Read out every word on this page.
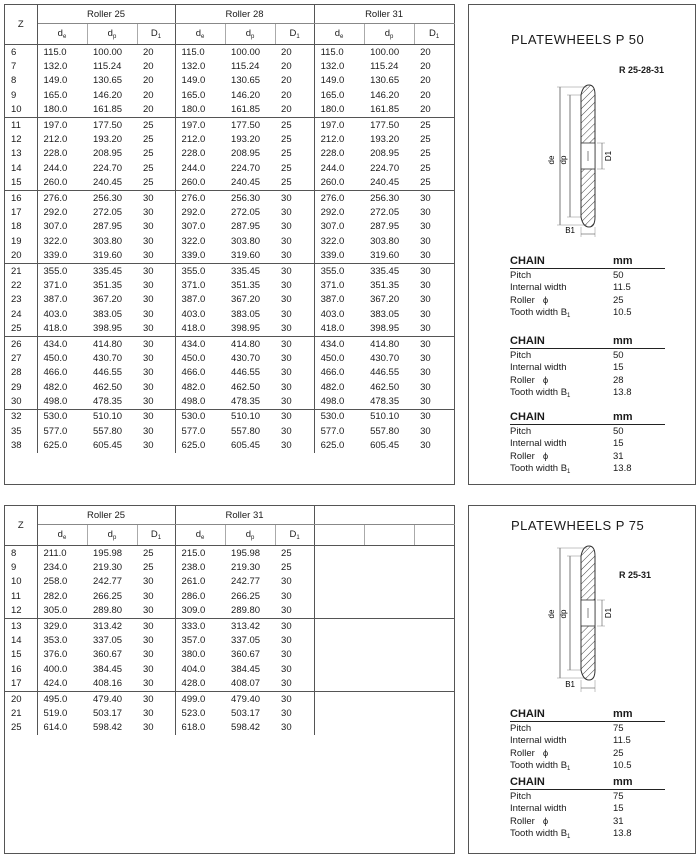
Z	Roller 25			Roller 28			Roller 31		
	$d_e$	$d_p$	$D_1$	$d_e$	$d_p$	$D_1$	$d_e$	$d_p$	$D_1$
6	115.0	100.00	20	115.0	100.00	20	115.0	100.00	20
7	132.0	115.24	20	132.0	115.24	20	132.0	115.24	20
8	149.0	130.65	20	149.0	130.65	20	149.0	130.65	20
9	165.0	146.20	20	165.0	146.20	20	165.0	146.20	20
10	180.0	161.85	20	180.0	161.85	20	180.0	161.85	20
11	197.0	177.50	25	197.0	177.50	25	197.0	177.50	25
12	212.0	193.20	25	212.0	193.20	25	212.0	193.20	25
13	228.0	208.95	25	228.0	208.95	25	228.0	208.95	25
14	244.0	224.70	25	244.0	224.70	25	244.0	224.70	25
15	260.0	240.45	25	260.0	240.45	25	260.0	240.45	25
16	276.0	256.30	30	276.0	256.30	30	276.0	256.30	30
17	292.0	272.05	30	292.0	272.05	30	292.0	272.05	30
18	307.0	287.95	30	307.0	287.95	30	307.0	287.95	30
19	322.0	303.80	30	322.0	303.80	30	322.0	303.80	30
20	339.0	319.60	30	339.0	319.60	30	339.0	319.60	30
21	355.0	335.45	30	355.0	335.45	30	355.0	335.45	30
22	371.0	351.35	30	371.0	351.35	30	371.0	351.35	30
23	387.0	367.20	30	387.0	367.20	30	387.0	367.20	30
24	403.0	383.05	30	403.0	383.05	30	403.0	383.05	30
25	418.0	398.95	30	418.0	398.95	30	418.0	398.95	30
26	434.0	414.80	30	434.0	414.80	30	434.0	414.80	30
27	450.0	430.70	30	450.0	430.70	30	450.0	430.70	30
28	466.0	446.55	30	466.0	446.55	30	466.0	446.55	30
29	482.0	462.50	30	482.0	462.50	30	482.0	462.50	30
30	498.0	478.35	30	498.0	478.35	30	498.0	478.35	30
32	530.0	510.10	30	530.0	510.10	30	530.0	510.10	30
35	577.0	557.80	30	577.0	557.80	30	577.0	557.80	30
38	625.0	605.45	30	625.0	605.45	30	625.0	605.45	30
PLATEWHEELS P 50
R 25-28-31
de dp	D1
B1
CHAIN	mm
Pitch	50
Internal width	11.5
Roller ϕ	25
Tooth width $B_1$	10.5
CHAIN	mm
Pitch	50
Internal width	15
Roller ϕ	28
Tooth width $B_1$	13.8
CHAIN	mm
Pitch	50
Internal width	15
Roller ϕ	31
Tooth width $B_1$	13.8
Z	Roller 25			Roller 31					
	$d_e$	$d_p$	$D_1$	$d_e$	$d_p$	$D_1$			
8	211.0	195.98	25	215.0	195.98	25			
9	234.0	219.30	25	238.0	219.30	25			
10	258.0	242.77	30	261.0	242.77	30			
11	282.0	266.25	30	286.0	266.25	30			
12	305.0	289.80	30	309.0	289.80	30			
13	329.0	313.42	30	333.0	313.42	30			
14	353.0	337.05	30	357.0	337.05	30			
15	376.0	360.67	30	380.0	360.67	30			
16	400.0	384.45	30	404.0	384.45	30			
17	424.0	408.16	30	428.0	408.07	30			
20	495.0	479.40	30	499.0	479.40	30			
21	519.0	503.17	30	523.0	503.17	30			
25	614.0	598.42	30	618.0	598.42	30			
PLATEWHEELS P 75
de dp	D1
B1
R 25-31
CHAIN	mm
Pitch	75
Internal width	11.5
Roller ϕ	25
Tooth width $B_1$	10.5
CHAIN	mm
Pitch	75
Internal width	15
Roller ϕ	31
Tooth width $B_1$	13.8
